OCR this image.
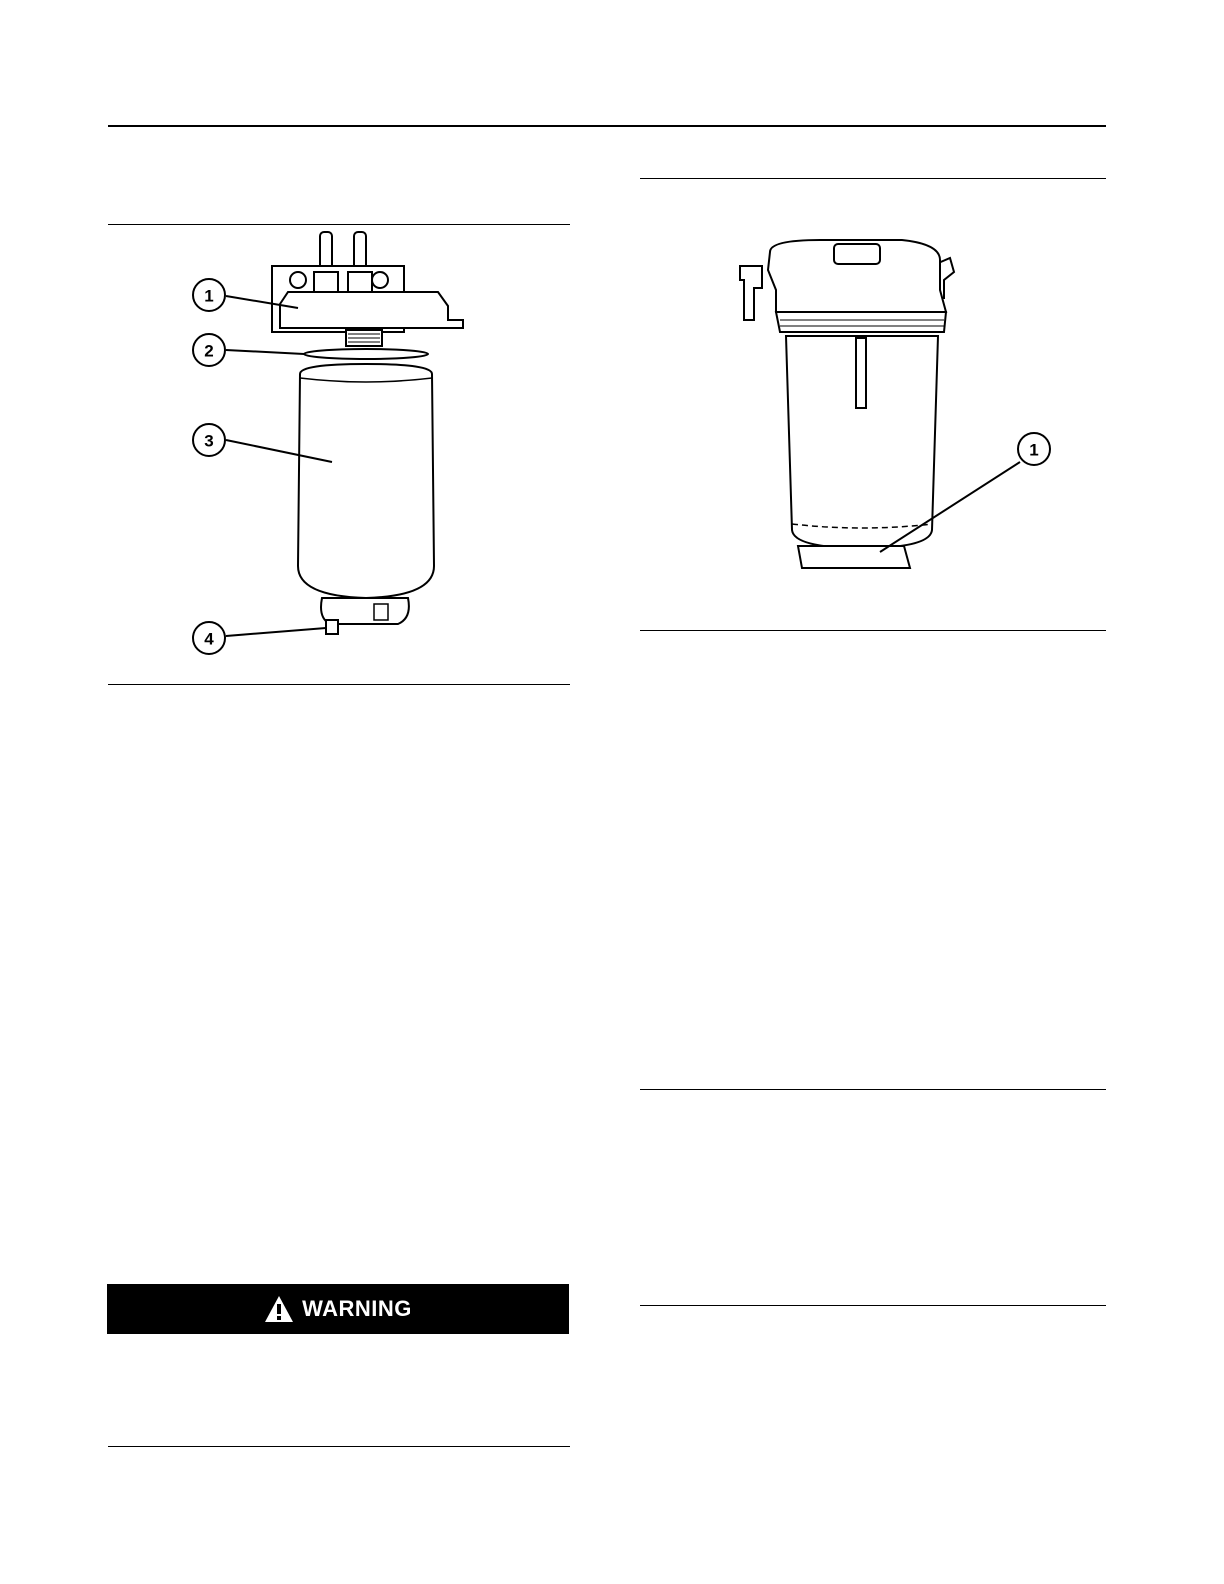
1
2
3
4
WARNING
1
